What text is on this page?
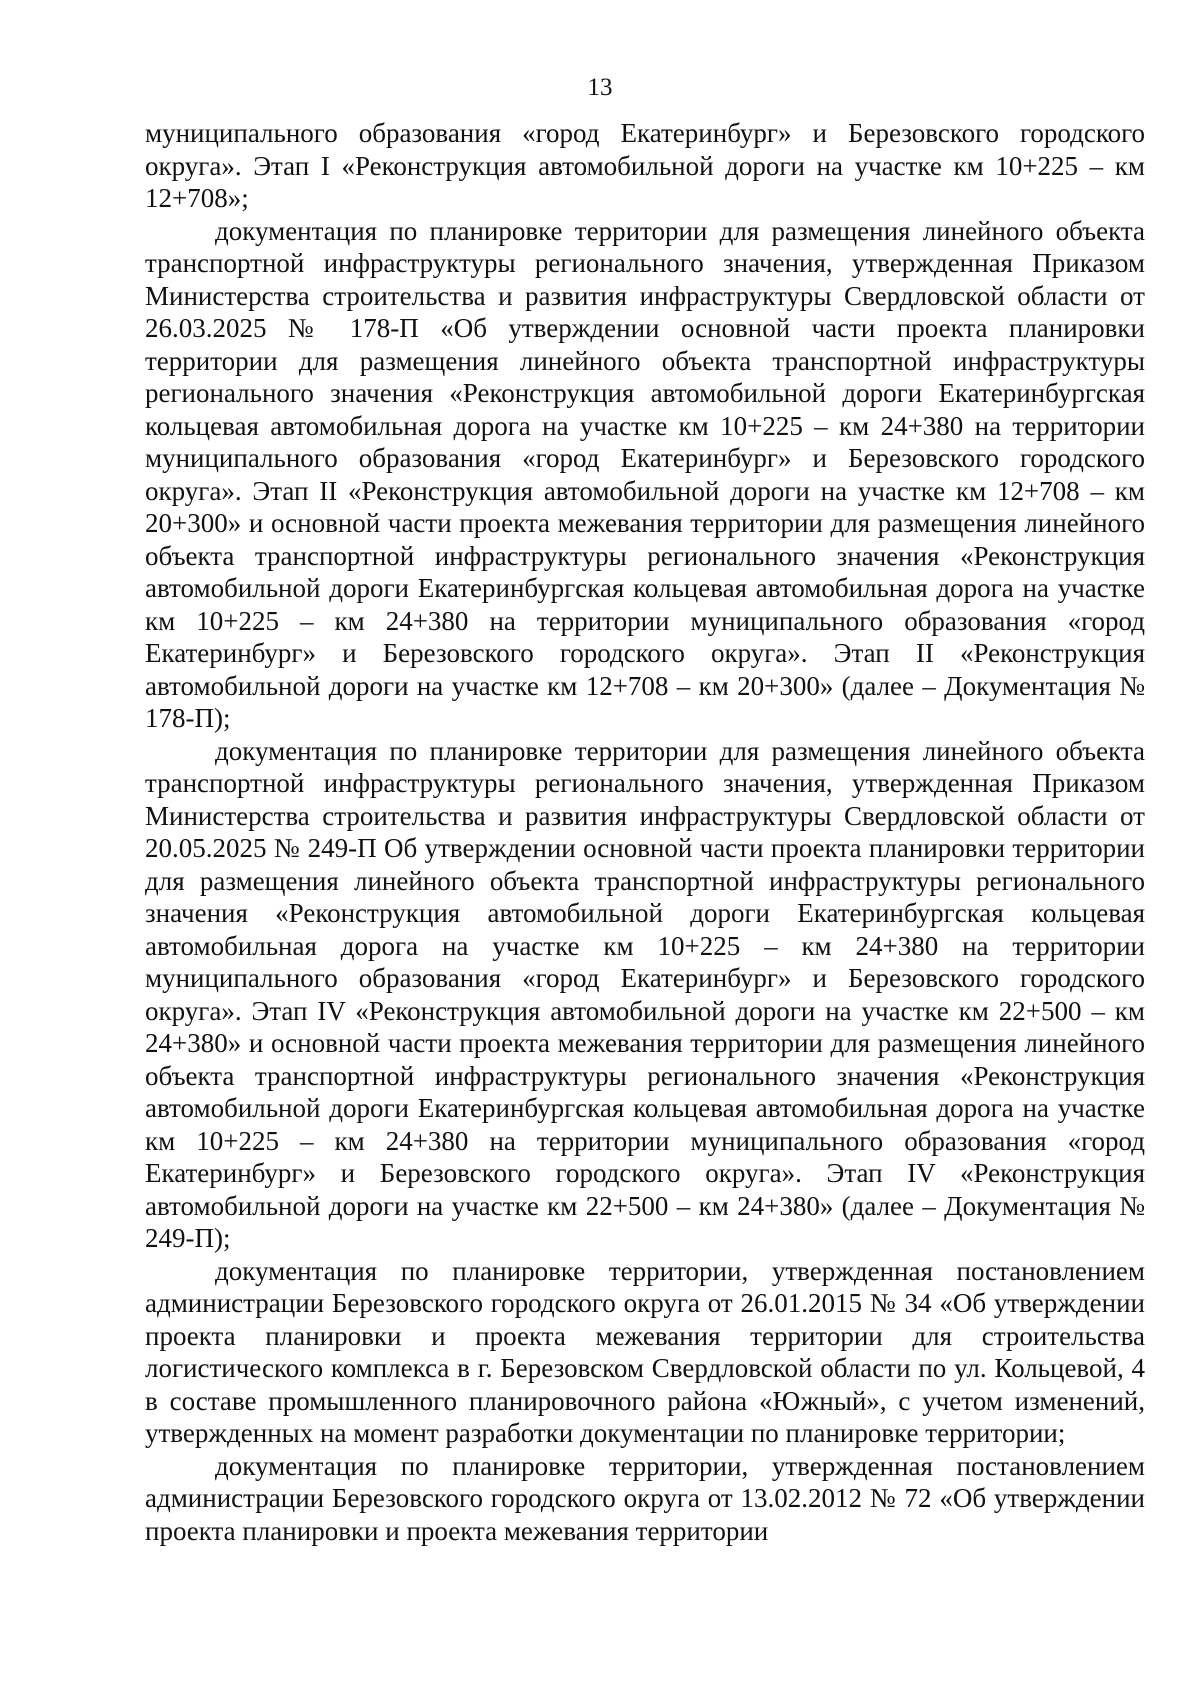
13

муниципального образования «город Екатеринбург» и Березовского городского округа». Этап I «Реконструкция автомобильной дороги на участке км 10+225 – км 12+708»;

документация по планировке территории для размещения линейного объекта транспортной инфраструктуры регионального значения, утвержденная Приказом Министерства строительства и развития инфраструктуры Свердловской области от 26.03.2025 № 178-П «Об утверждении основной части проекта планировки территории для размещения линейного объекта транспортной инфраструктуры регионального значения «Реконструкция автомобильной дороги Екатеринбургская кольцевая автомобильная дорога на участке км 10+225 – км 24+380 на территории муниципального образования «город Екатеринбург» и Березовского городского округа». Этап II «Реконструкция автомобильной дороги на участке км 12+708 – км 20+300» и основной части проекта межевания территории для размещения линейного объекта транспортной инфраструктуры регионального значения «Реконструкция автомобильной дороги Екатеринбургская кольцевая автомобильная дорога на участке км 10+225 – км 24+380 на территории муниципального образования «город Екатеринбург» и Березовского городского округа». Этап II «Реконструкция автомобильной дороги на участке км 12+708 – км 20+300» (далее – Документация № 178-П);

документация по планировке территории для размещения линейного объекта транспортной инфраструктуры регионального значения, утвержденная Приказом Министерства строительства и развития инфраструктуры Свердловской области от 20.05.2025 № 249-П Об утверждении основной части проекта планировки территории для размещения линейного объекта транспортной инфраструктуры регионального значения «Реконструкция автомобильной дороги Екатеринбургская кольцевая автомобильная дорога на участке км 10+225 – км 24+380 на территории муниципального образования «город Екатеринбург» и Березовского городского округа». Этап IV «Реконструкция автомобильной дороги на участке км 22+500 – км 24+380» и основной части проекта межевания территории для размещения линейного объекта транспортной инфраструктуры регионального значения «Реконструкция автомобильной дороги Екатеринбургская кольцевая автомобильная дорога на участке км 10+225 – км 24+380 на территории муниципального образования «город Екатеринбург» и Березовского городского округа». Этап IV «Реконструкция автомобильной дороги на участке км 22+500 – км 24+380» (далее – Документация № 249-П);

документация по планировке территории, утвержденная постановлением администрации Березовского городского округа от 26.01.2015 № 34 «Об утверждении проекта планировки и проекта межевания территории для строительства логистического комплекса в г. Березовском Свердловской области по ул. Кольцевой, 4 в составе промышленного планировочного района «Южный», с учетом изменений, утвержденных на момент разработки документации по планировке территории;

документация по планировке территории, утвержденная постановлением администрации Березовского городского округа от 13.02.2012 № 72 «Об утверждении проекта планировки и проекта межевания территории
